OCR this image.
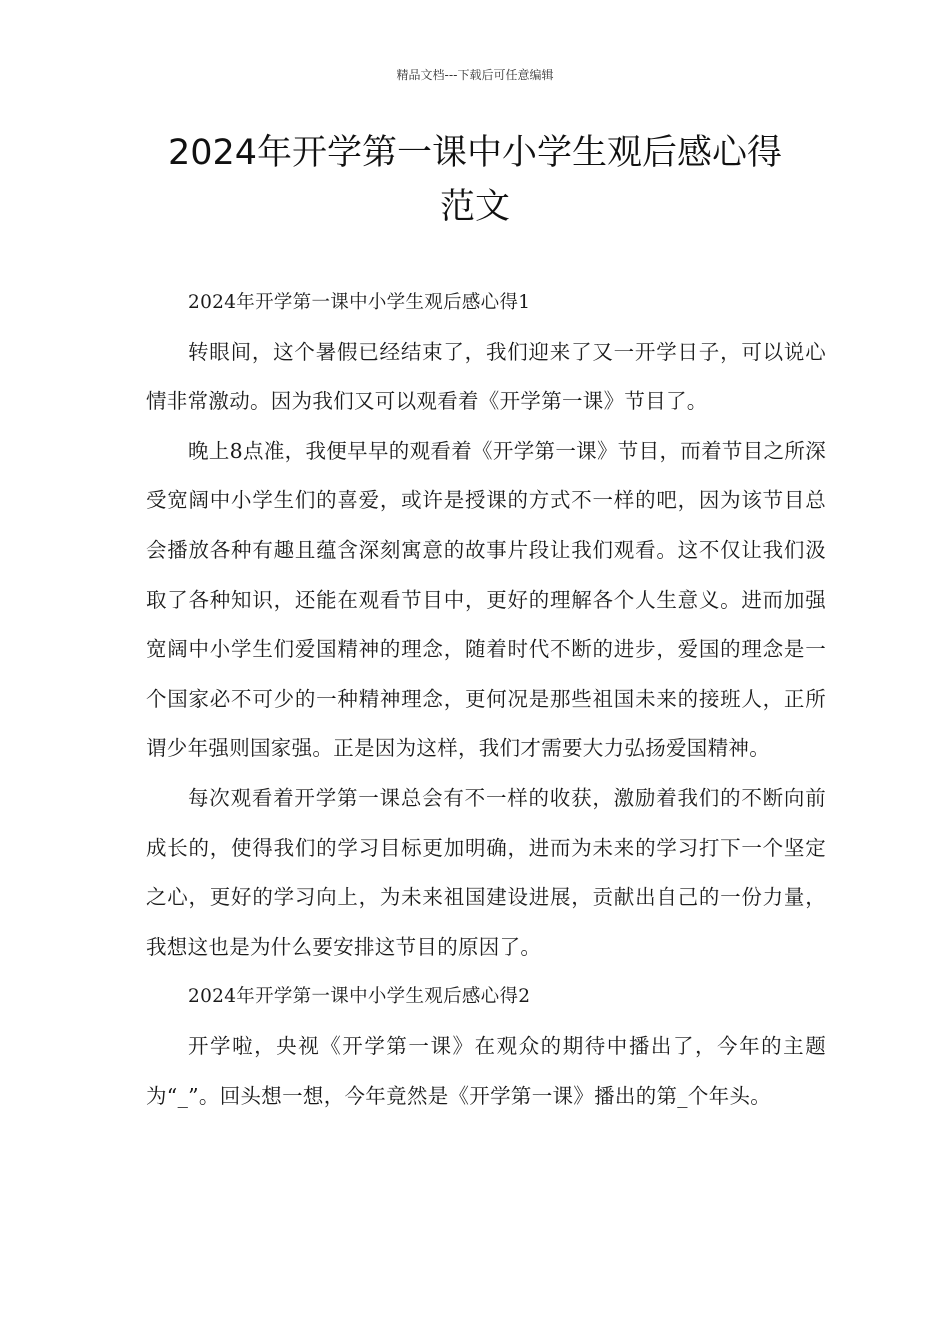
精品文档---下载后可任意编辑
2024年开学第一课中小学生观后感心得
范文

2024年开学第一课中小学生观后感心得1

转眼间，这个暑假已经结束了，我们迎来了又一开学日子，可以说心情非常激动。因为我们又可以观看着《开学第一课》节目了。

晚上8点准，我便早早的观看着《开学第一课》节目，而着节目之所深受宽阔中小学生们的喜爱，或许是授课的方式不一样的吧，因为该节目总会播放各种有趣且蕴含深刻寓意的故事片段让我们观看。这不仅让我们汲取了各种知识，还能在观看节目中，更好的理解各个人生意义。进而加强宽阔中小学生们爱国精神的理念，随着时代不断的进步，爱国的理念是一个国家必不可少的一种精神理念，更何况是那些祖国未来的接班人，正所谓少年强则国家强。正是因为这样，我们才需要大力弘扬爱国精神。

每次观看着开学第一课总会有不一样的收获，激励着我们的不断向前成长的，使得我们的学习目标更加明确，进而为未来的学习打下一个坚定之心，更好的学习向上，为未来祖国建设进展，贡献出自己的一份力量，我想这也是为什么要安排这节目的原因了。

2024年开学第一课中小学生观后感心得2

开学啦，央视《开学第一课》在观众的期待中播出了，今年的主题为“_”。回头想一想，今年竟然是《开学第一课》播出的第_个年头。
